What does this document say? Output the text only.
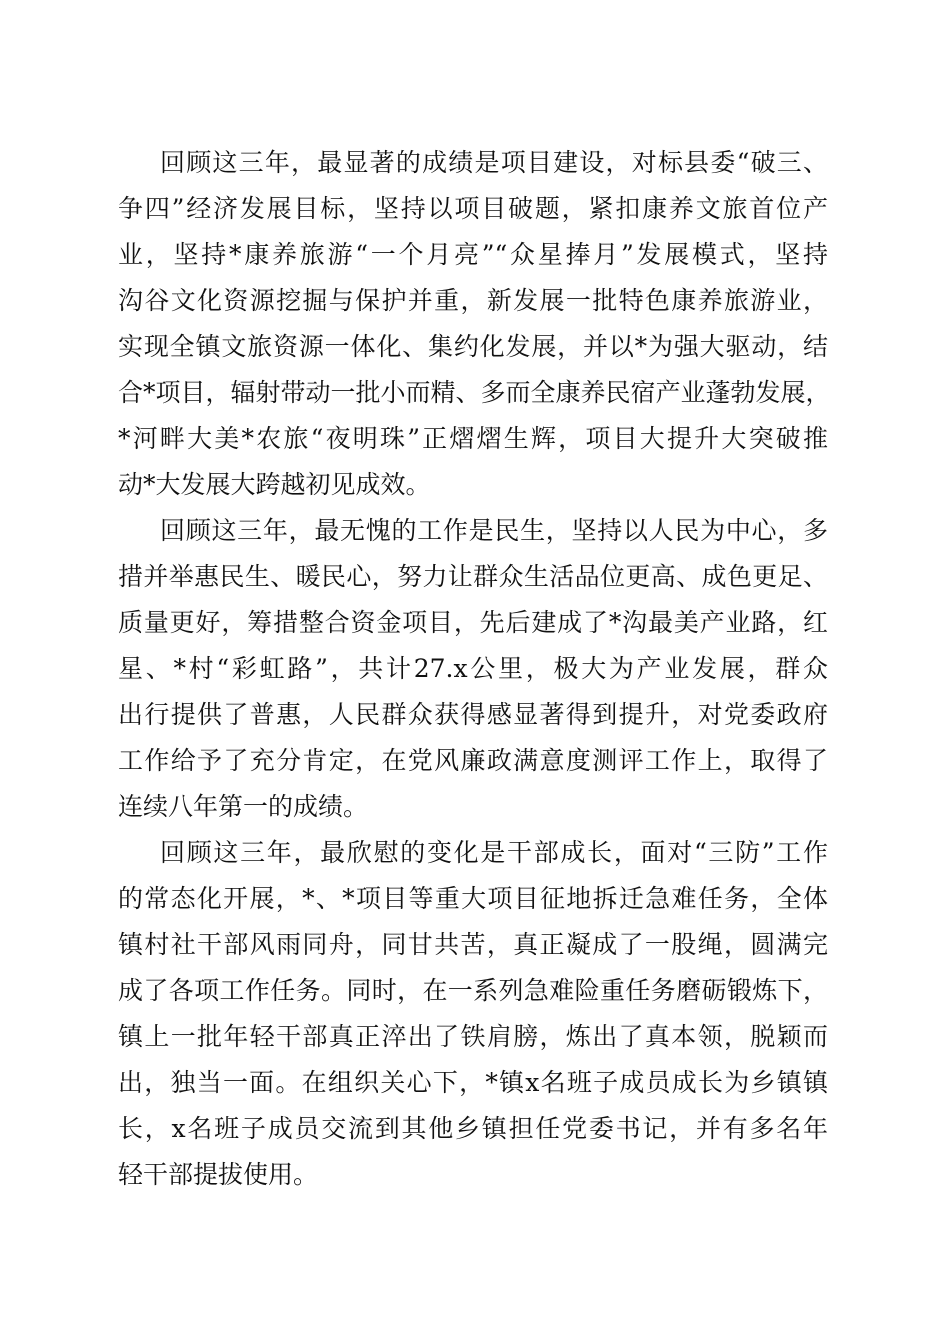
回顾这三年，最显著的成绩是项目建设，对标县委“破三、
争四”经济发展目标，坚持以项目破题，紧扣康养文旅首位产
业，坚持*康养旅游“一个月亮”“众星捧月”发展模式，坚持
沟谷文化资源挖掘与保护并重，新发展一批特色康养旅游业，
实现全镇文旅资源一体化、集约化发展，并以*为强大驱动，结
合*项目，辐射带动一批小而精、多而全康养民宿产业蓬勃发展，
*河畔大美*农旅“夜明珠”正熠熠生辉，项目大提升大突破推
动*大发展大跨越初见成效。
回顾这三年，最无愧的工作是民生，坚持以人民为中心，多
措并举惠民生、暖民心，努力让群众生活品位更高、成色更足、
质量更好，筹措整合资金项目，先后建成了*沟最美产业路，红
星、*村“彩虹路”，共计27.x公里，极大为产业发展，群众
出行提供了普惠，人民群众获得感显著得到提升，对党委政府
工作给予了充分肯定，在党风廉政满意度测评工作上，取得了
连续八年第一的成绩。
回顾这三年，最欣慰的变化是干部成长，面对“三防”工作
的常态化开展，*、*项目等重大项目征地拆迁急难任务，全体
镇村社干部风雨同舟，同甘共苦，真正凝成了一股绳，圆满完
成了各项工作任务。同时，在一系列急难险重任务磨砺锻炼下，
镇上一批年轻干部真正淬出了铁肩膀，炼出了真本领，脱颖而
出，独当一面。在组织关心下，*镇x名班子成员成长为乡镇镇
长，x名班子成员交流到其他乡镇担任党委书记，并有多名年
轻干部提拔使用。
